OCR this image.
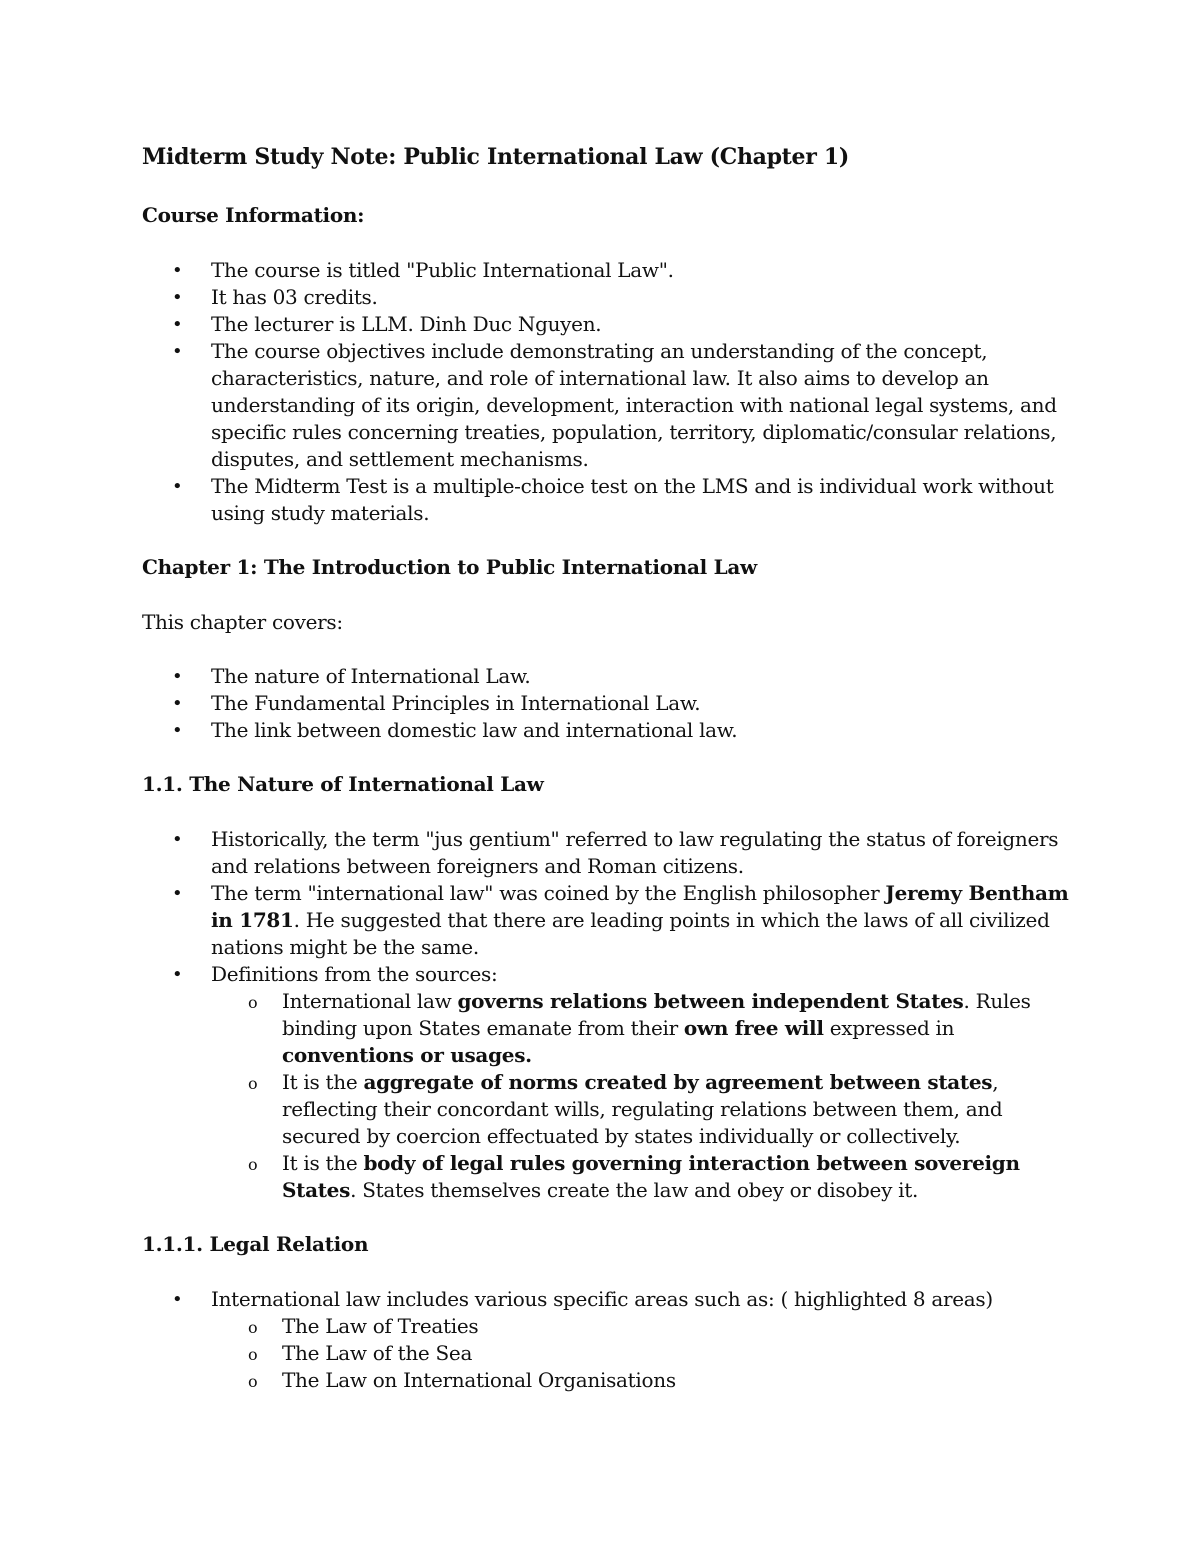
Midterm Study Note: Public International Law (Chapter 1)
Course Information:
• The course is titled "Public International Law".
• It has 03 credits.
• The lecturer is LLM. Dinh Duc Nguyen.
• The course objectives include demonstrating an understanding of the concept, characteristics, nature, and role of international law. It also aims to develop an understanding of its origin, development, interaction with national legal systems, and specific rules concerning treaties, population, territory, diplomatic/consular relations, disputes, and settlement mechanisms.
• The Midterm Test is a multiple-choice test on the LMS and is individual work without using study materials.
Chapter 1: The Introduction to Public International Law

This chapter covers:

• The nature of International Law.
• The Fundamental Principles in International Law.
• The link between domestic law and international law.
1.1. The Nature of International Law
• Historically, the term "jus gentium" referred to law regulating the status of foreigners and relations between foreigners and Roman citizens.
• The term "international law" was coined by the English philosopher Jeremy Bentham in 1781. He suggested that there are leading points in which the laws of all civilized nations might be the same.
• Definitions from the sources:
o International law governs relations between independent States. Rules binding upon States emanate from their own free will expressed in conventions or usages.
o It is the aggregate of norms created by agreement between states, reflecting their concordant wills, regulating relations between them, and secured by coercion effectuated by states individually or collectively.
o It is the body of legal rules governing interaction between sovereign States. States themselves create the law and obey or disobey it.
1.1.1. Legal Relation
• International law includes various specific areas such as: ( highlighted 8 areas)
o The Law of Treaties
o The Law of the Sea
o The Law on International Organisations
